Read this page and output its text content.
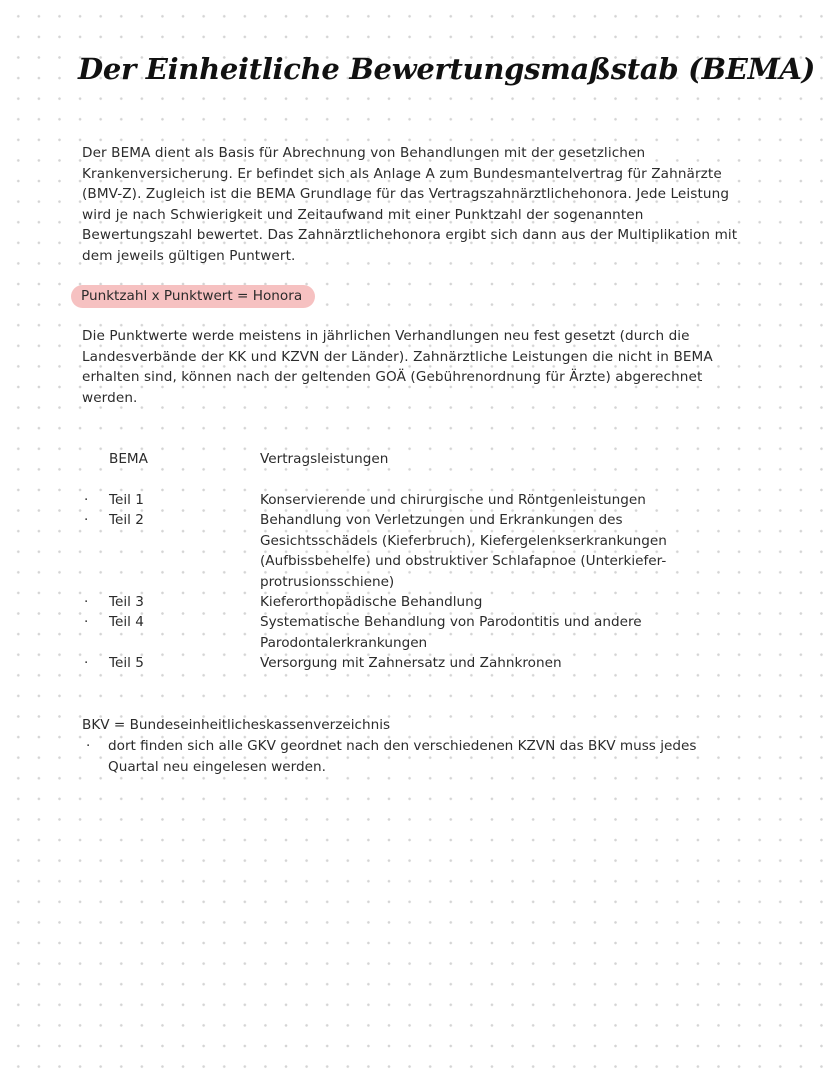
Der Einheitliche Bewertungsmaßstab (BEMA)

Der BEMA dient als Basis für Abrechnung von Behandlungen mit der gesetzlichen Krankenversicherung. Er befindet sich als Anlage A zum Bundesmantelvertrag für Zahnärzte (BMV-Z). Zugleich ist die BEMA Grundlage für das Vertragszahnärztlichehonora. Jede Leistung wird je nach Schwierigkeit und Zeitaufwand mit einer Punktzahl der sogenannten Bewertungszahl bewertet. Das Zahnärztlichehonora ergibt sich dann aus der Multiplikation mit dem jeweils gültigen Puntwert.

Punktzahl x Punktwert = Honora

Die Punktwerte werde meistens in jährlichen Verhandlungen neu fest gesetzt (durch die Landesverbände der KK und KZVN der Länder). Zahnärztliche Leistungen die nicht in BEMA erhalten sind, können nach der geltenden GOÄ (Gebührenordnung für Ärzte) abgerechnet werden.

BEMA	Vertragsleistungen
· Teil 1	Konservierende und chirurgische und Röntgenleistungen
· Teil 2	Behandlung von Verletzungen und Erkrankungen des Gesichtsschädels (Kieferbruch), Kiefergelenkserkrankungen (Aufbissbehelfe) und obstruktiver Schlafapnoe (Unterkiefer-protrusionsschiene)
· Teil 3	Kieferorthopädische Behandlung
· Teil 4	Systematische Behandlung von Parodontitis und andere Parodontalerkrankungen
· Teil 5	Versorgung mit Zahnersatz und Zahnkronen
BKV = Bundeseinheitlicheskassenverzeichnis
· dort finden sich alle GKV geordnet nach den verschiedenen KZVN das BKV muss jedes Quartal neu eingelesen werden.
